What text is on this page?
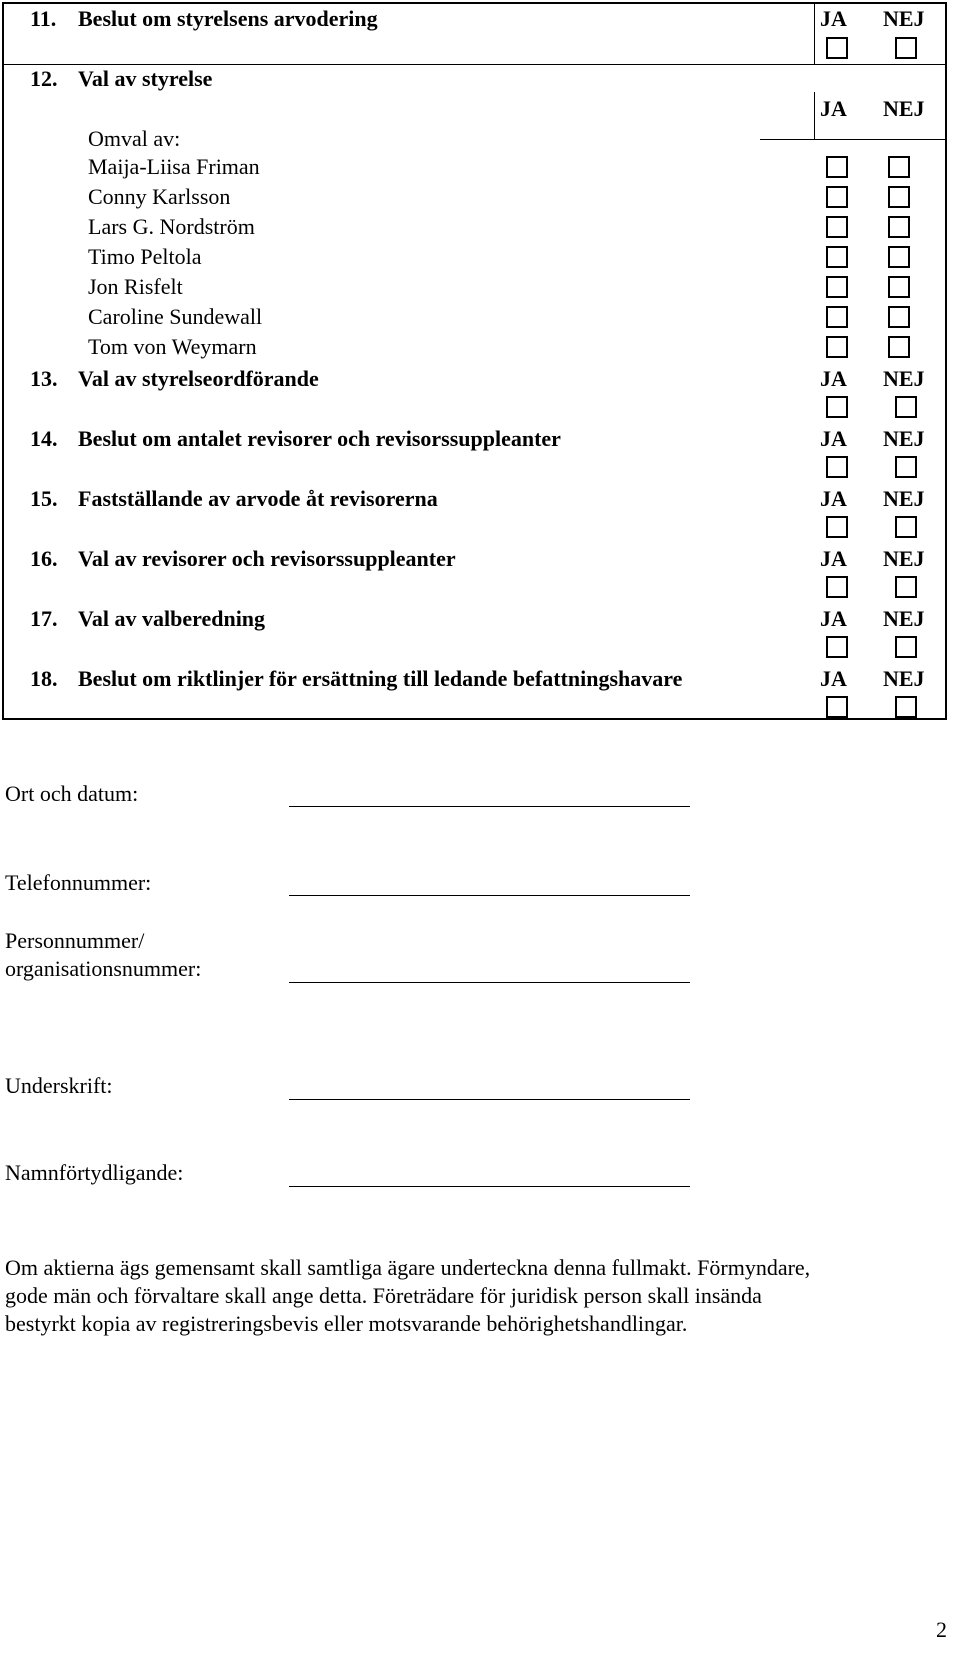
11. Beslut om styrelsens arvodering	JA NEJ
12. Val av styrelse
JA NEJ
Omval av:
Maija-Liisa Friman
Conny Karlsson
Lars G. Nordström
Timo Peltola
Jon Risfelt
Caroline Sundewall
Tom von Weymarn
13. Val av styrelseordförande	JA NEJ
14. Beslut om antalet revisorer och revisorssuppleanter	JA NEJ
15. Fastställande av arvode åt revisorerna	JA NEJ
16. Val av revisorer och revisorssuppleanter	JA NEJ
17. Val av valberedning	JA NEJ
18. Beslut om riktlinjer för ersättning till ledande befattningshavare	JA NEJ
Ort och datum:
Telefonnummer:
Personnummer/
organisationsnummer:
Underskrift:
Namnförtydligande:
Om aktierna ägs gemensamt skall samtliga ägare underteckna denna fullmakt. Förmyndare,
gode män och förvaltare skall ange detta. Företrädare för juridisk person skall insända
bestyrkt kopia av registreringsbevis eller motsvarande behörighetshandlingar.
2
